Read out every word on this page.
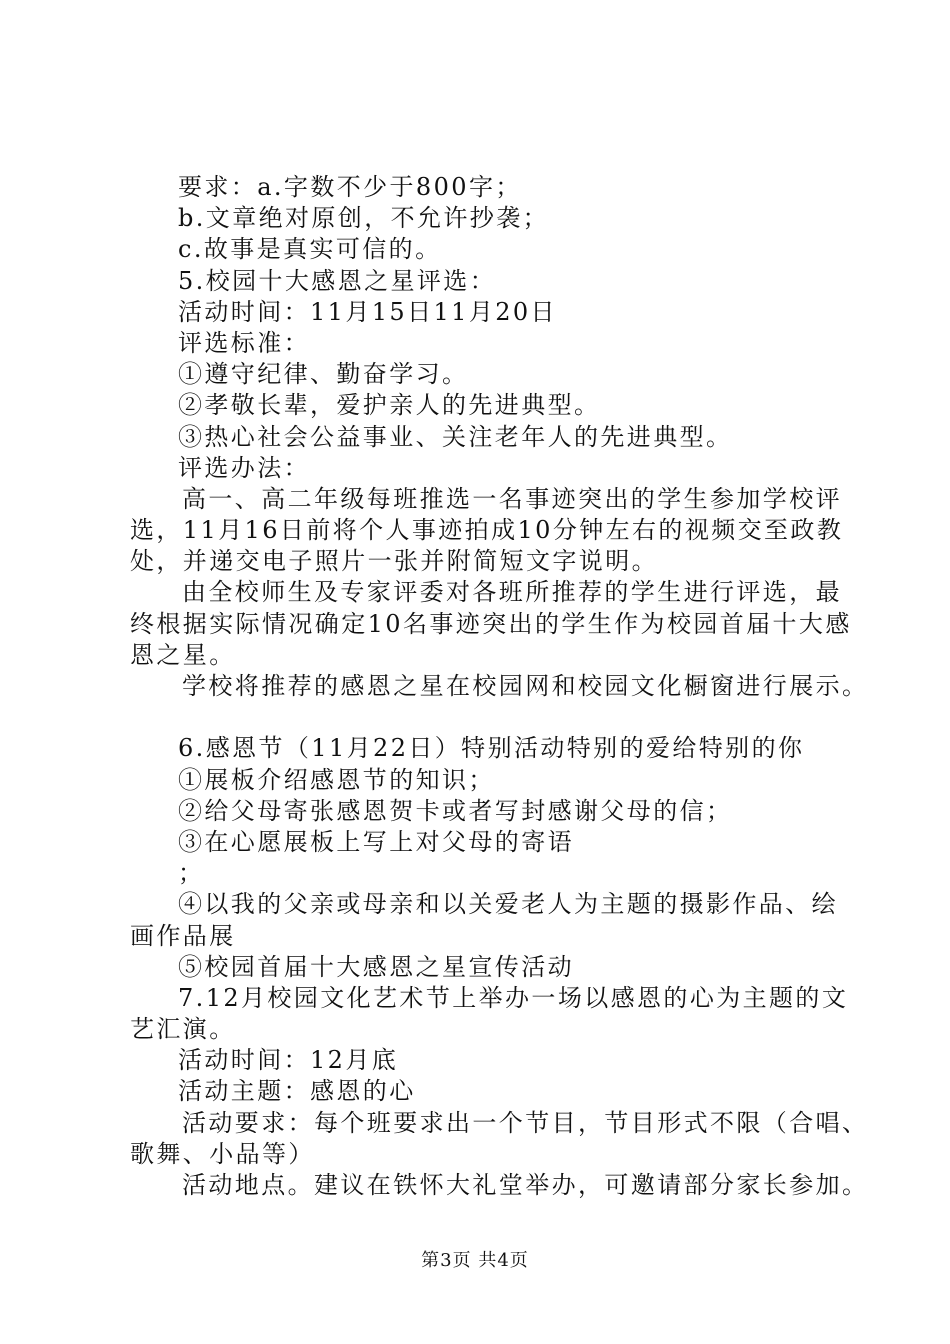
要求：a.字数不少于800字；
b.文章绝对原创，不允许抄袭；
c.故事是真实可信的。
5.校园十大感恩之星评选：
活动时间：11月15日11月20日
评选标准：
①遵守纪律、勤奋学习。
②孝敬长辈，爱护亲人的先进典型。
③热心社会公益事业、关注老年人的先进典型。
评选办法：
高一、高二年级每班推选一名事迹突出的学生参加学校评
选，11月16日前将个人事迹拍成10分钟左右的视频交至政教
处，并递交电子照片一张并附简短文字说明。
由全校师生及专家评委对各班所推荐的学生进行评选，最
终根据实际情况确定10名事迹突出的学生作为校园首届十大感
恩之星。
学校将推荐的感恩之星在校园网和校园文化橱窗进行展示。
6.感恩节（11月22日）特别活动特别的爱给特别的你
①展板介绍感恩节的知识；
②给父母寄张感恩贺卡或者写封感谢父母的信；
③在心愿展板上写上对父母的寄语
；
④以我的父亲或母亲和以关爱老人为主题的摄影作品、绘
画作品展
⑤校园首届十大感恩之星宣传活动
7.12月校园文化艺术节上举办一场以感恩的心为主题的文
艺汇演。
活动时间：12月底
活动主题：感恩的心
活动要求：每个班要求出一个节目，节目形式不限（合唱、
歌舞、小品等）
活动地点。建议在铁怀大礼堂举办，可邀请部分家长参加。
第3页 共4页
